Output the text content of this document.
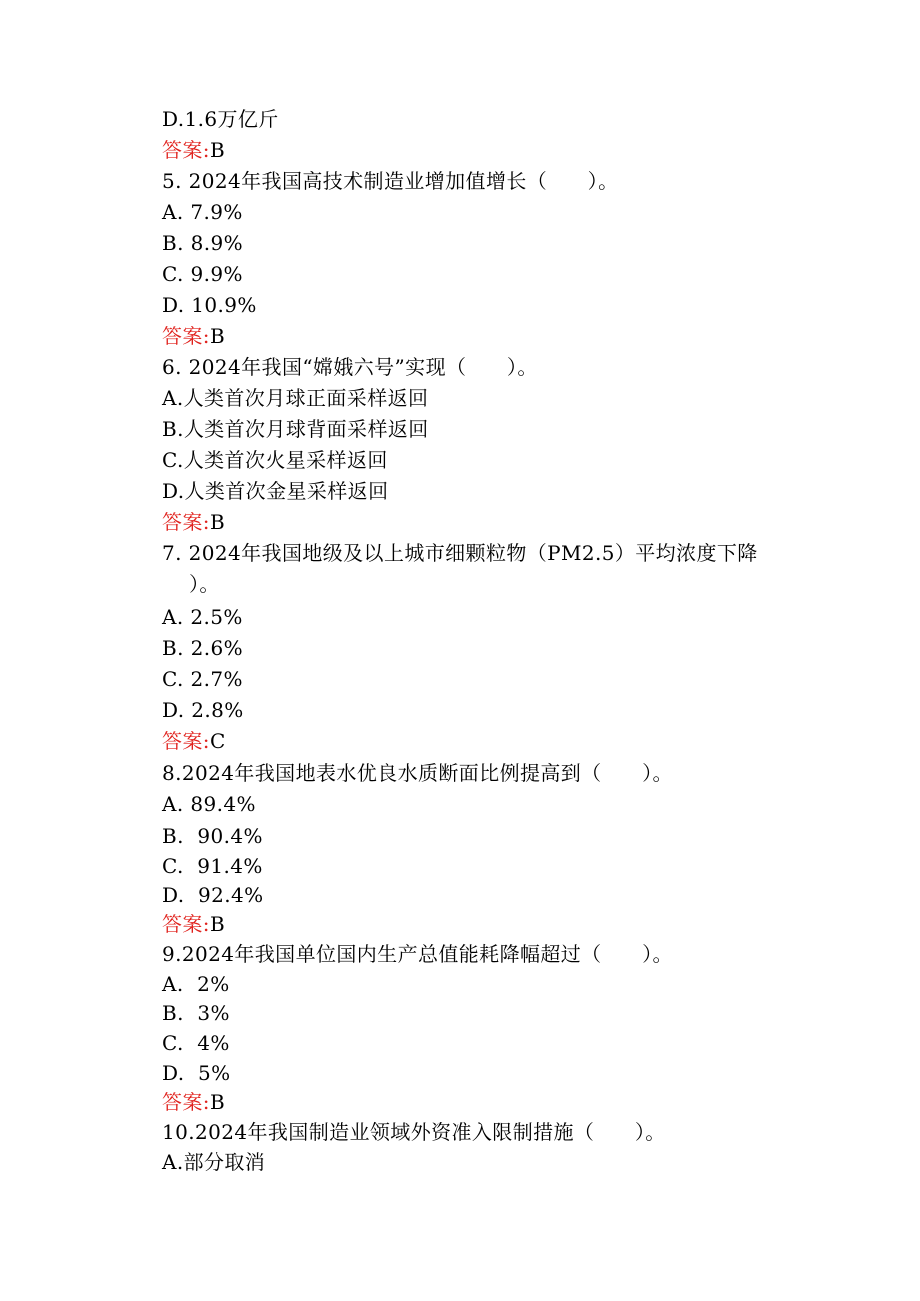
D.1.6万亿斤
答案:B
5. 2024年我国高技术制造业增加值增长（      ）。
A. 7.9%
B. 8.9%
C. 9.9%
D. 10.9%
答案:B
6. 2024年我国“嫦娥六号”实现（      ）。
A.人类首次月球正面采样返回
B.人类首次月球背面采样返回
C.人类首次火星采样返回
D.人类首次金星采样返回
答案:B
7. 2024年我国地级及以上城市细颗粒物（PM2.5）平均浓度下降
）。
A. 2.5%
B. 2.6%
C. 2.7%
D. 2.8%
答案:C
8.2024年我国地表水优良水质断面比例提高到（      ）。
A. 89.4%
B.  90.4%
C.  91.4%
D.  92.4%
答案:B
9.2024年我国单位国内生产总值能耗降幅超过（      ）。
A.  2%
B.  3%
C.  4%
D.  5%
答案:B
10.2024年我国制造业领域外资准入限制措施（      ）。
A.部分取消
